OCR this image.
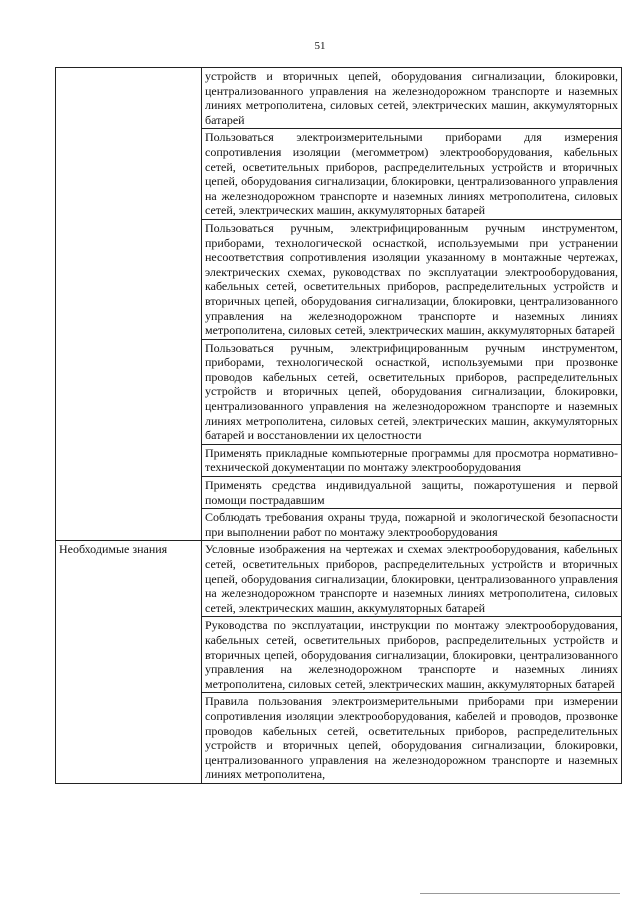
51
	устройств и вторичных цепей, оборудования сигнализации, блокировки, централизованного управления на железнодорожном транспорте и наземных линиях метрополитена, силовых сетей, электрических машин, аккумуляторных батарей
	Пользоваться электроизмерительными приборами для измерения сопротивления изоляции (мегомметром) электрооборудования, кабельных сетей, осветительных приборов, распределительных устройств и вторичных цепей, оборудования сигнализации, блокировки, централизованного управления на железнодорожном транспорте и наземных линиях метрополитена, силовых сетей, электрических машин, аккумуляторных батарей
	Пользоваться ручным, электрифицированным ручным инструментом, приборами, технологической оснасткой, используемыми при устранении несоответствия сопротивления изоляции указанному в монтажные чертежах, электрических схемах, руководствах по эксплуатации электрооборудования, кабельных сетей, осветительных приборов, распределительных устройств и вторичных цепей, оборудования сигнализации, блокировки, централизованного управления на железнодорожном транспорте и наземных линиях метрополитена, силовых сетей, электрических машин, аккумуляторных батарей
	Пользоваться ручным, электрифицированным ручным инструментом, приборами, технологической оснасткой, используемыми при прозвонке проводов кабельных сетей, осветительных приборов, распределительных устройств и вторичных цепей, оборудования сигнализации, блокировки, централизованного управления на железнодорожном транспорте и наземных линиях метрополитена, силовых сетей, электрических машин, аккумуляторных батарей и восстановлении их целостности
	Применять прикладные компьютерные программы для просмотра нормативно-технической документации по монтажу электрооборудования
	Применять средства индивидуальной защиты, пожаротушения и первой помощи пострадавшим
	Соблюдать требования охраны труда, пожарной и экологической безопасности при выполнении работ по монтажу электрооборудования
Необходимые знания	Условные изображения на чертежах и схемах электрооборудования, кабельных сетей, осветительных приборов, распределительных устройств и вторичных цепей, оборудования сигнализации, блокировки, централизованного управления на железнодорожном транспорте и наземных линиях метрополитена, силовых сетей, электрических машин, аккумуляторных батарей
	Руководства по эксплуатации, инструкции по монтажу электрооборудования, кабельных сетей, осветительных приборов, распределительных устройств и вторичных цепей, оборудования сигнализации, блокировки, централизованного управления на железнодорожном транспорте и наземных линиях метрополитена, силовых сетей, электрических машин, аккумуляторных батарей
	Правила пользования электроизмерительными приборами при измерении сопротивления изоляции электрооборудования, кабелей и проводов, прозвонке проводов кабельных сетей, осветительных приборов, распределительных устройств и вторичных цепей, оборудования сигнализации, блокировки, централизованного управления на железнодорожном транспорте и наземных линиях метрополитена,
